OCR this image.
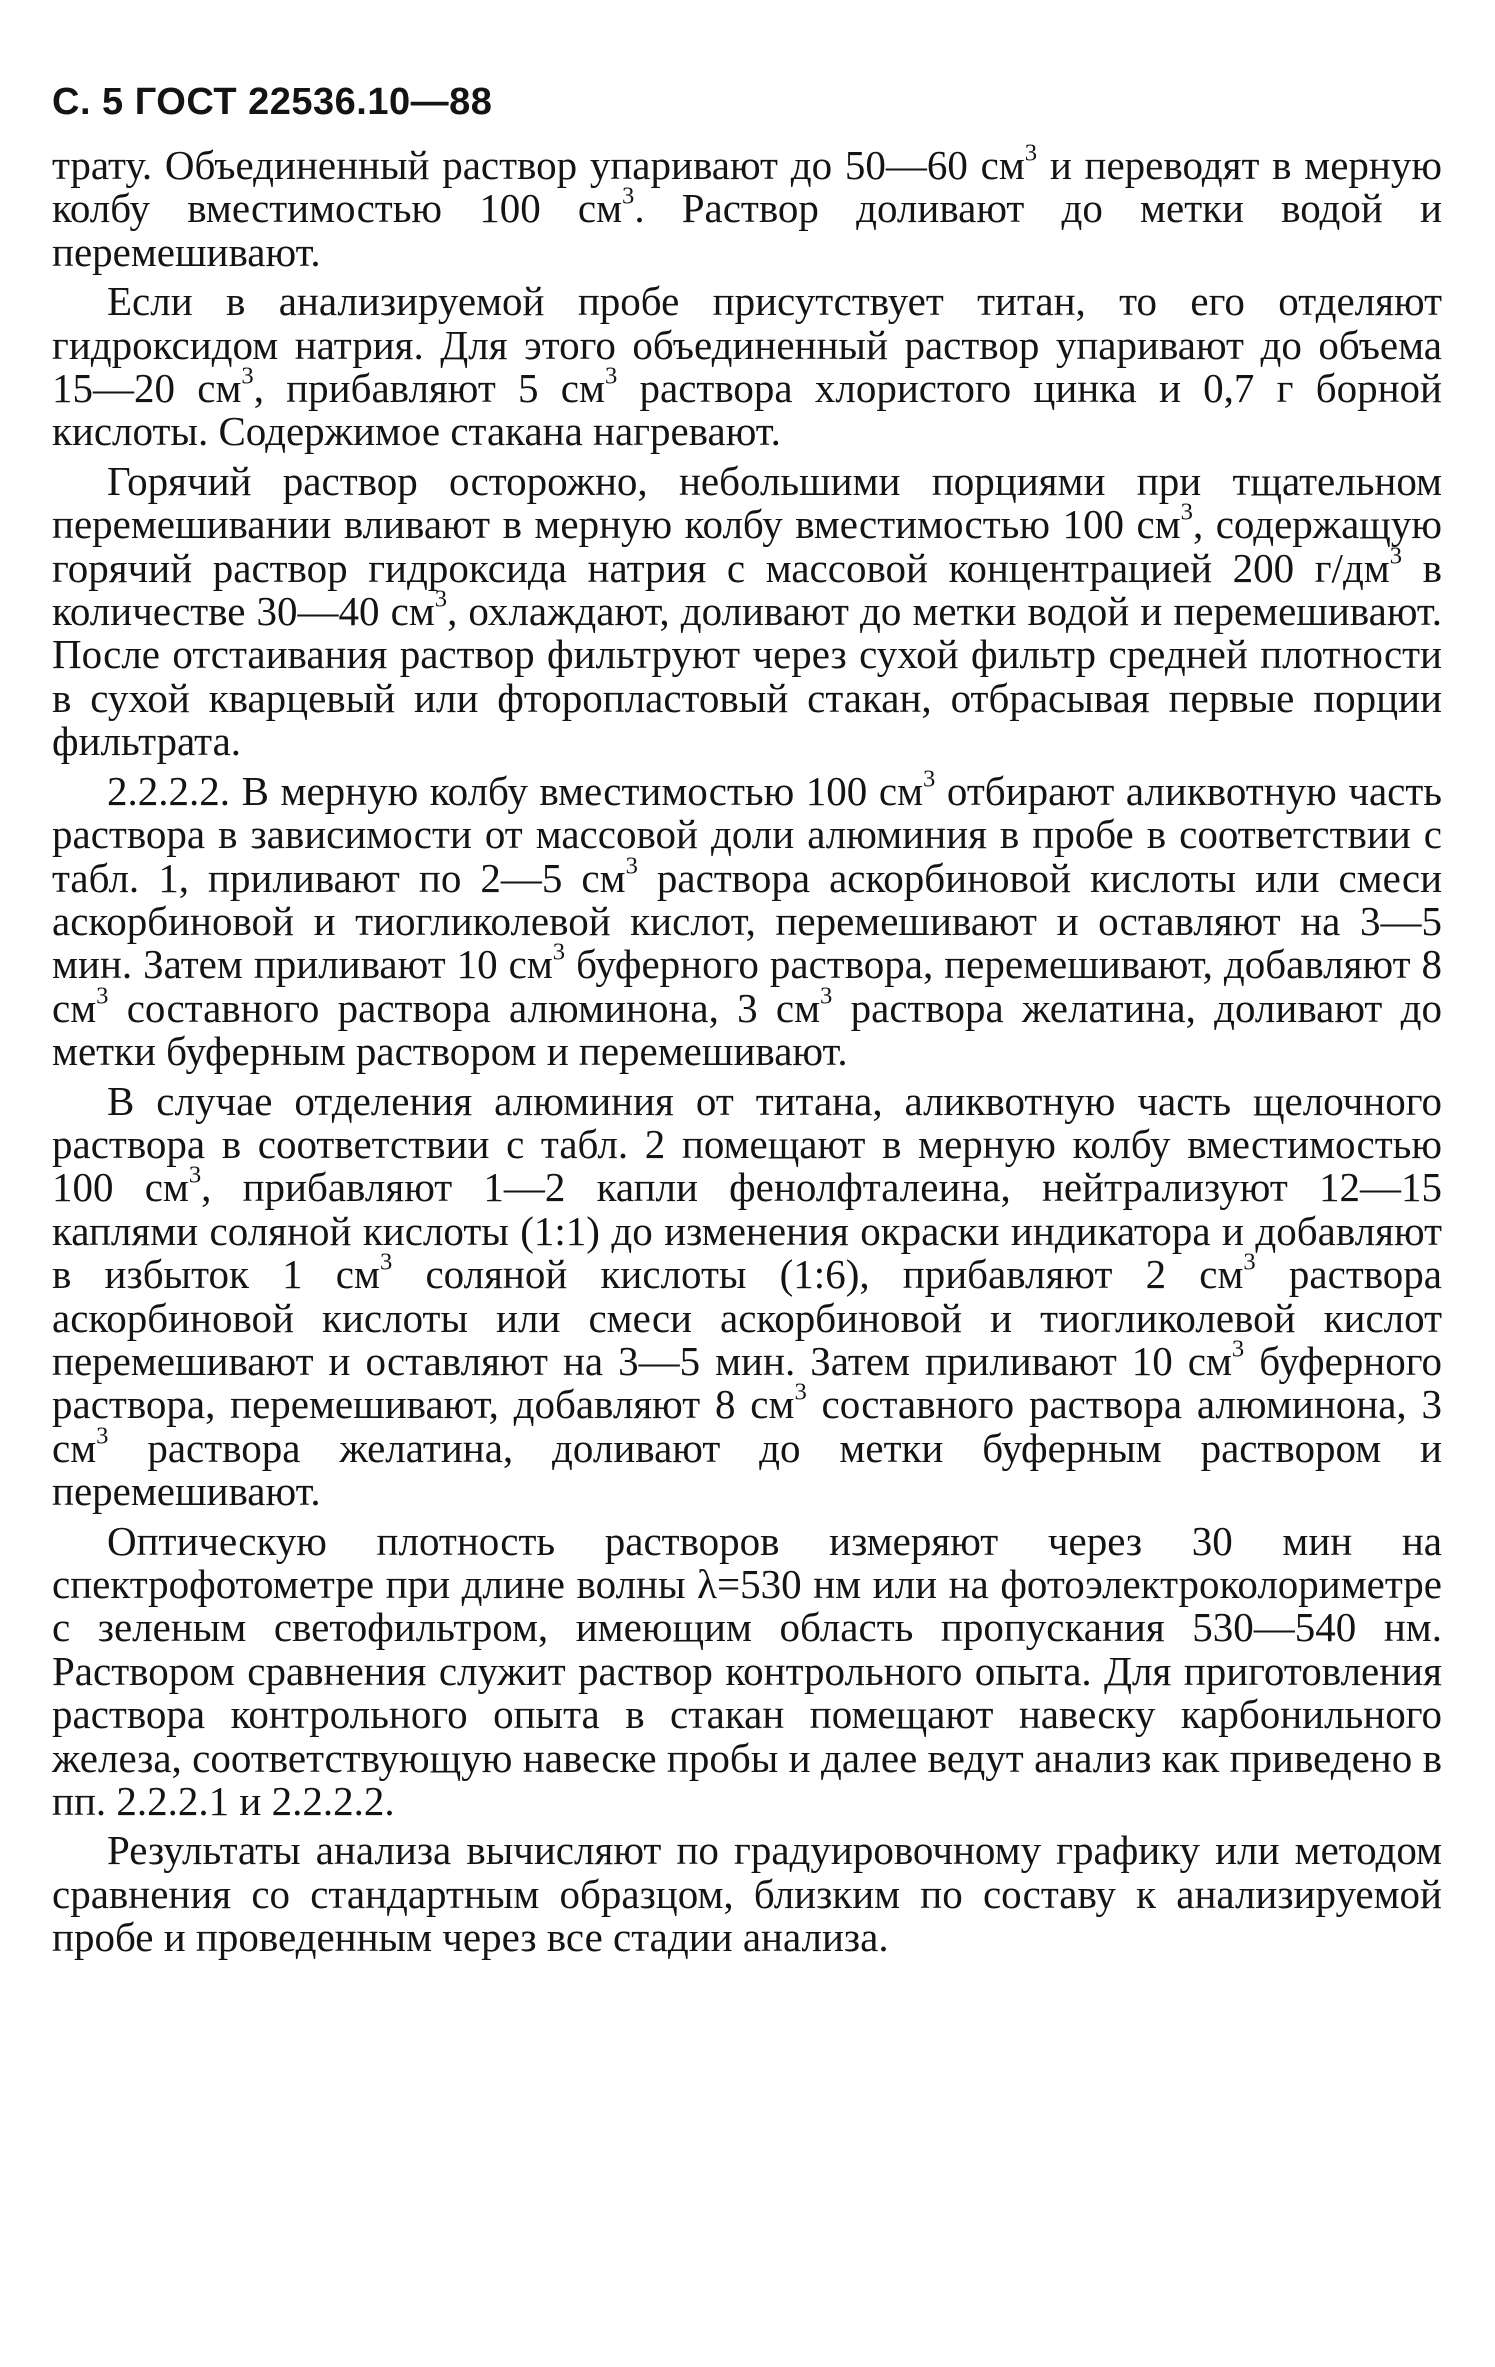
С. 5 ГОСТ 22536.10—88

трату. Объединенный раствор упаривают до 50—60 $см^3$ и переводят в мерную колбу вместимостью 100 $см^3$. Раствор доливают до метки водой и перемешивают.

Если в анализируемой пробе присутствует титан, то его отделяют гидроксидом натрия. Для этого объединенный раствор упаривают до объема 15—20 $см^3$, прибавляют 5 $см^3$ раствора хлористого цинка и 0,7 г борной кислоты. Содержимое стакана нагревают.

Горячий раствор осторожно, небольшими порциями при тщательном перемешивании вливают в мерную колбу вместимостью 100 $см^3$, содержащую горячий раствор гидроксида натрия с массовой концентрацией 200 $г/дм^3$ в количестве 30—40 $см^3$, охлаждают, доливают до метки водой и перемешивают. После отстаивания раствор фильтруют через сухой фильтр средней плотности в сухой кварцевый или фторопластовый стакан, отбрасывая первые порции фильтрата.

2.2.2.2. В мерную колбу вместимостью 100 $см^3$ отбирают аликвотную часть раствора в зависимости от массовой доли алюминия в пробе в соответствии с табл. 1, приливают по 2—5 $см^3$ раствора аскорбиновой кислоты или смеси аскорбиновой и тиогликолевой кислот, перемешивают и оставляют на 3—5 мин. Затем приливают 10 $см^3$ буферного раствора, перемешивают, добавляют 8 $см^3$ составного раствора алюминона, 3 $см^3$ раствора желатина, доливают до метки буферным раствором и перемешивают.

В случае отделения алюминия от титана, аликвотную часть щелочного раствора в соответствии с табл. 2 помещают в мерную колбу вместимостью 100 $см^3$, прибавляют 1—2 капли фенолфталеина, нейтрализуют 12—15 каплями соляной кислоты (1:1) до изменения окраски индикатора и добавляют в избыток 1 $см^3$ соляной кислоты (1:6), прибавляют 2 $см^3$ раствора аскорбиновой кислоты или смеси аскорбиновой и тиогликолевой кислот перемешивают и оставляют на 3—5 мин. Затем приливают 10 $см^3$ буферного раствора, перемешивают, добавляют 8 $см^3$ составного раствора алюминона, 3 $см^3$ раствора желатина, доливают до метки буферным раствором и перемешивают.

Оптическую плотность растворов измеряют через 30 мин на спектрофотометре при длине волны λ=530 нм или на фотоэлектроколориметре с зеленым светофильтром, имеющим область пропускания 530—540 нм. Раствором сравнения служит раствор контрольного опыта. Для приготовления раствора контрольного опыта в стакан помещают навеску карбонильного железа, соответствующую навеске пробы и далее ведут анализ как приведено в пп. 2.2.2.1 и 2.2.2.2.

Результаты анализа вычисляют по градуировочному графику или методом сравнения со стандартным образцом, близким по составу к анализируемой пробе и проведенным через все стадии анализа.
